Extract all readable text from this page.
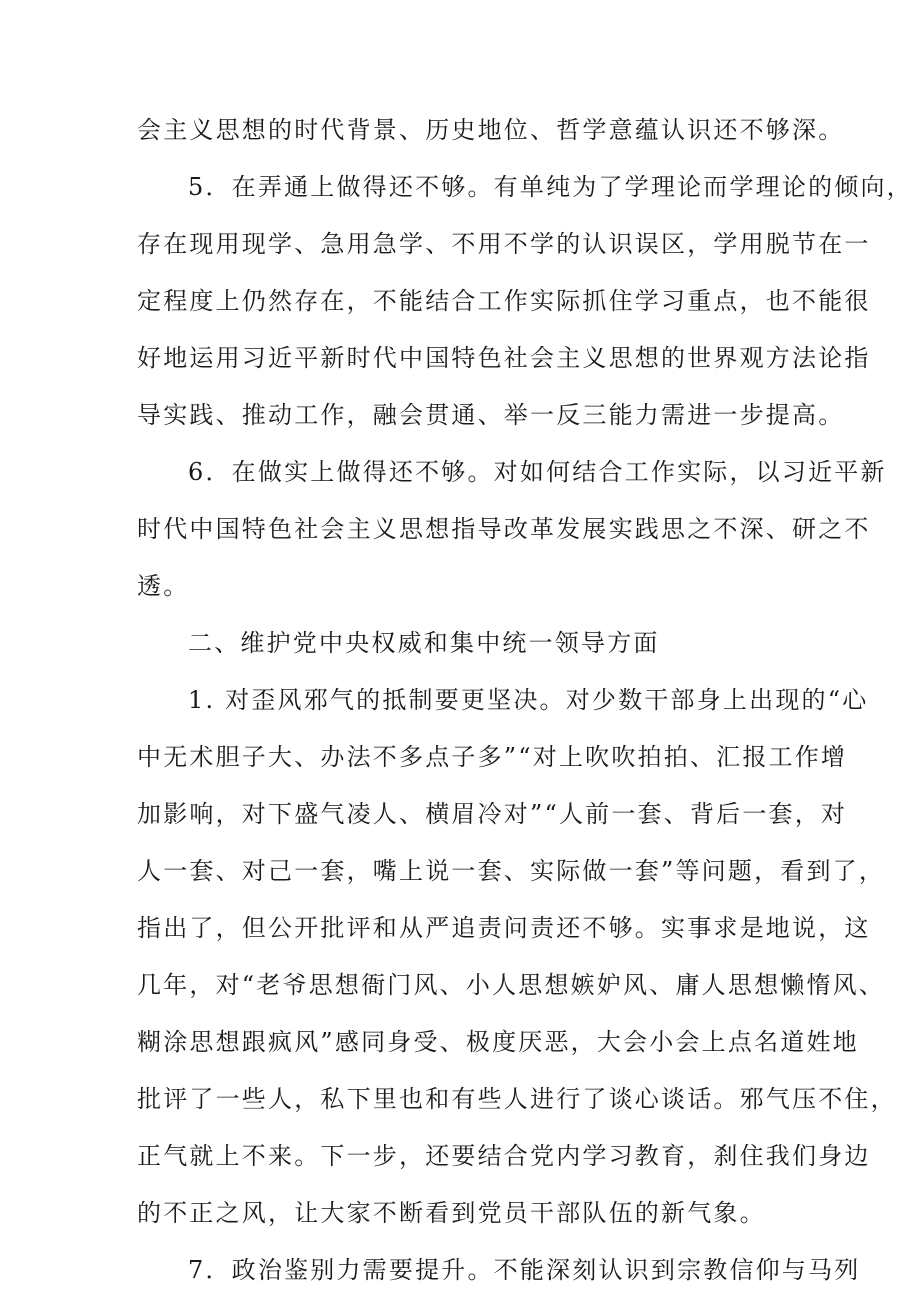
会主义思想的时代背景、历史地位、哲学意蕴认识还不够深。
5．在弄通上做得还不够。有单纯为了学理论而学理论的倾向，
存在现用现学、急用急学、不用不学的认识误区，学用脱节在一
定程度上仍然存在，不能结合工作实际抓住学习重点，也不能很
好地运用习近平新时代中国特色社会主义思想的世界观方法论指
导实践、推动工作，融会贯通、举一反三能力需进一步提高。
6．在做实上做得还不够。对如何结合工作实际，以习近平新
时代中国特色社会主义思想指导改革发展实践思之不深、研之不
透。
二、维护党中央权威和集中统一领导方面
1. 对歪风邪气的抵制要更坚决。对少数干部身上出现的“心
中无术胆子大、办法不多点子多”“对上吹吹拍拍、汇报工作增
加影响，对下盛气凌人、横眉冷对”“人前一套、背后一套，对
人一套、对己一套，嘴上说一套、实际做一套”等问题，看到了，
指出了，但公开批评和从严追责问责还不够。实事求是地说，这
几年，对“老爷思想衙门风、小人思想嫉妒风、庸人思想懒惰风、
糊涂思想跟疯风”感同身受、极度厌恶，大会小会上点名道姓地
批评了一些人，私下里也和有些人进行了谈心谈话。邪气压不住，
正气就上不来。下一步，还要结合党内学习教育，刹住我们身边
的不正之风，让大家不断看到党员干部队伍的新气象。
7．政治鉴别力需要提升。不能深刻认识到宗教信仰与马列
